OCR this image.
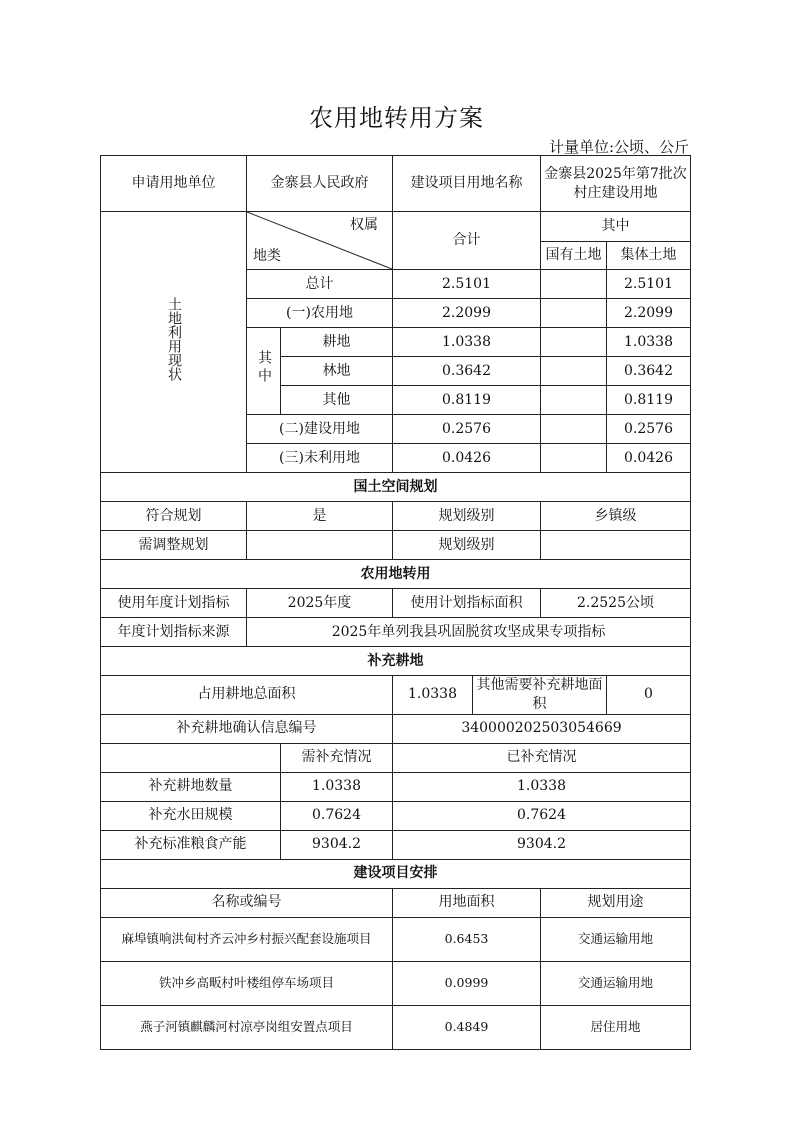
农用地转用方案
计量单位:公顷、公斤
申请用地单位	金寨县人民政府		建设项目用地名称		金寨县2025年第7批次村庄建设用地	
土地利用现状	权属
地类		合计		其中	
					国有土地	集体土地
	总计		2.5101			2.5101
	(一)农用地		2.2099			2.2099
	其中	耕地	1.0338			1.0338
		林地	0.3642			0.3642
		其他	0.8119			0.8119
	(二)建设用地		0.2576			0.2576
	(三)未利用地		0.0426			0.0426
国土空间规划						
符合规划	是		规划级别		乡镇级	
需调整规划			规划级别			
农用地转用						
使用年度计划指标	2025年度		使用计划指标面积		2.2525公顷	
年度计划指标来源	2025年单列我县巩固脱贫攻坚成果专项指标					
补充耕地						
占用耕地总面积			1.0338	其他需要补充耕地面积		0
补充耕地确认信息编号			340000202503054669			
		需补充情况	已补充情况			
补充耕地数量		1.0338	1.0338			
补充水田规模		0.7624	0.7624			
补充标准粮食产能		9304.2	9304.2			
建设项目安排						
名称或编号			用地面积		规划用途	
麻埠镇响洪甸村齐云冲乡村振兴配套设施项目			0.6453		交通运输用地	
铁冲乡高畈村叶楼组停车场项目			0.0999		交通运输用地	
燕子河镇麒麟河村凉亭岗组安置点项目			0.4849		居住用地	
